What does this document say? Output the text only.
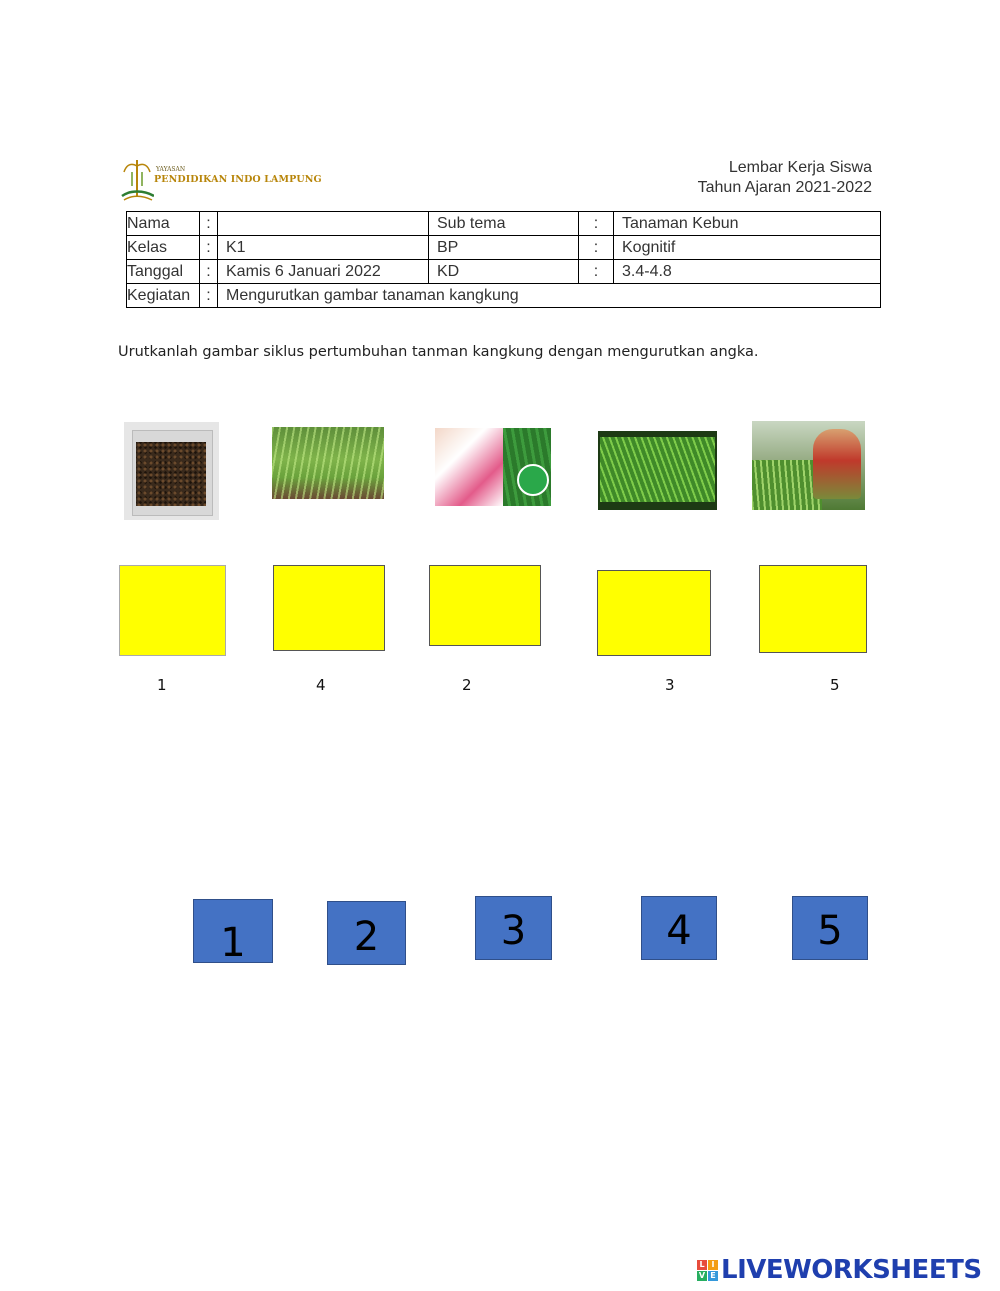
YAYASAN
PENDIDIKAN INDO LAMPUNG
Lembar Kerja Siswa
Tahun Ajaran 2021-2022
Nama	:		Sub tema	:	Tanaman Kebun
Kelas	:	K1	BP	:	Kognitif
Tanggal	:	Kamis 6 Januari 2022	KD	:	3.4-4.8
Kegiatan	:	Mengurutkan gambar tanaman kangkung			
Urutkanlah gambar siklus pertumbuhan tanman kangkung dengan mengurutkan angka.
1	4	2	3	5
1	2	3	4	5
L I
V E LIVEWORKSHEETS
